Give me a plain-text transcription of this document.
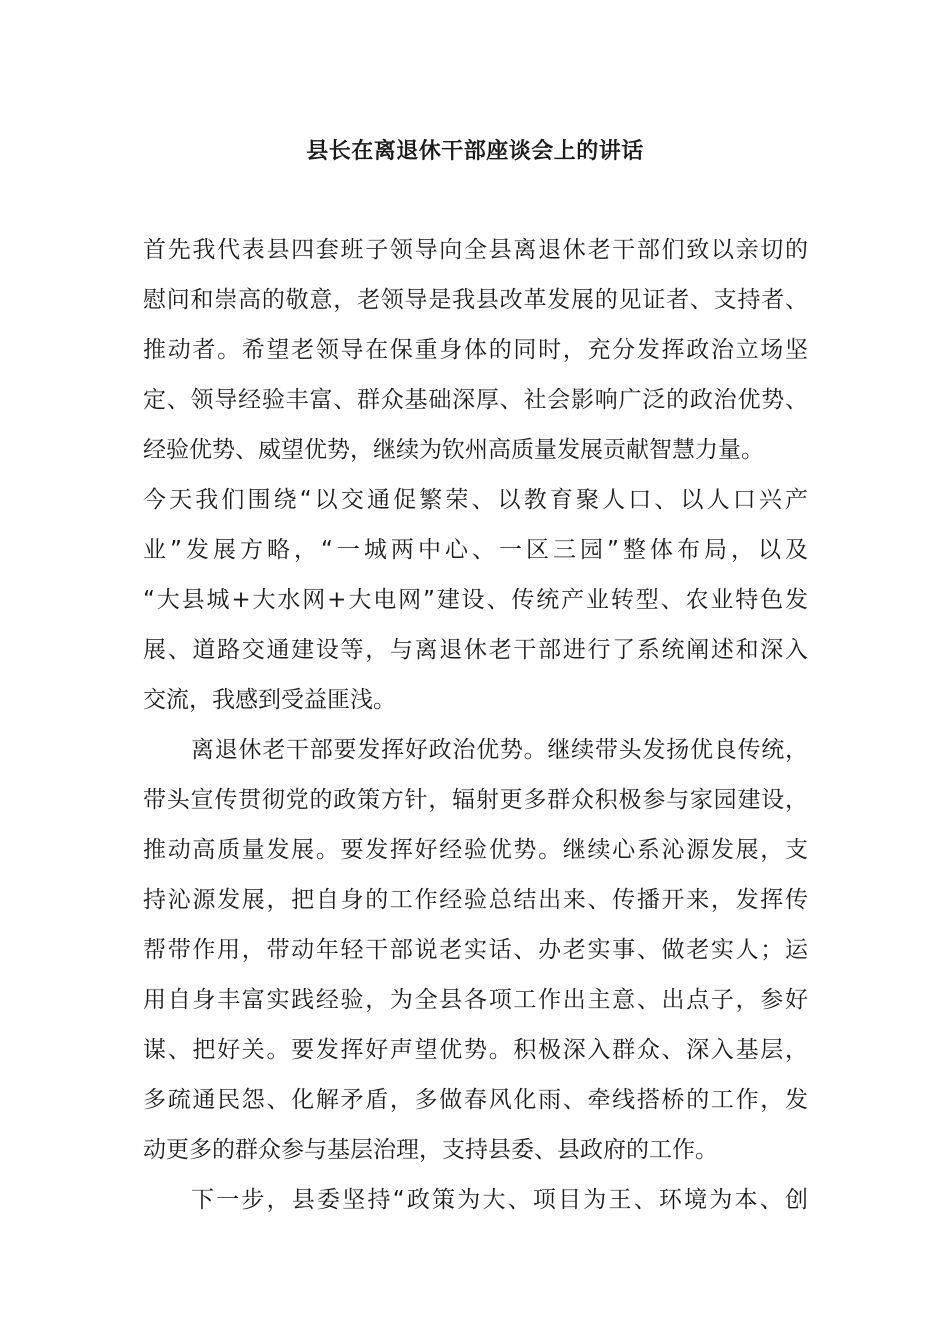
县长在离退休干部座谈会上的讲话
首先我代表县四套班子领导向全县离退休老干部们致以亲切的
慰问和崇高的敬意，老领导是我县改革发展的见证者、支持者、
推动者。希望老领导在保重身体的同时，充分发挥政治立场坚
定、领导经验丰富、群众基础深厚、社会影响广泛的政治优势、
经验优势、威望优势，继续为钦州高质量发展贡献智慧力量。
今天我们围绕“以交通促繁荣、以教育聚人口、以人口兴产
业”发展方略，“一城两中心、一区三园”整体布局，以及
“大县城+大水网+大电网”建设、传统产业转型、农业特色发
展、道路交通建设等，与离退休老干部进行了系统阐述和深入
交流，我感到受益匪浅。
离退休老干部要发挥好政治优势。继续带头发扬优良传统，
带头宣传贯彻党的政策方针，辐射更多群众积极参与家园建设，
推动高质量发展。要发挥好经验优势。继续心系沁源发展，支
持沁源发展，把自身的工作经验总结出来、传播开来，发挥传
帮带作用，带动年轻干部说老实话、办老实事、做老实人；运
用自身丰富实践经验，为全县各项工作出主意、出点子，参好
谋、把好关。要发挥好声望优势。积极深入群众、深入基层，
多疏通民怨、化解矛盾，多做春风化雨、牵线搭桥的工作，发
动更多的群众参与基层治理，支持县委、县政府的工作。
下一步，县委坚持“政策为大、项目为王、环境为本、创
